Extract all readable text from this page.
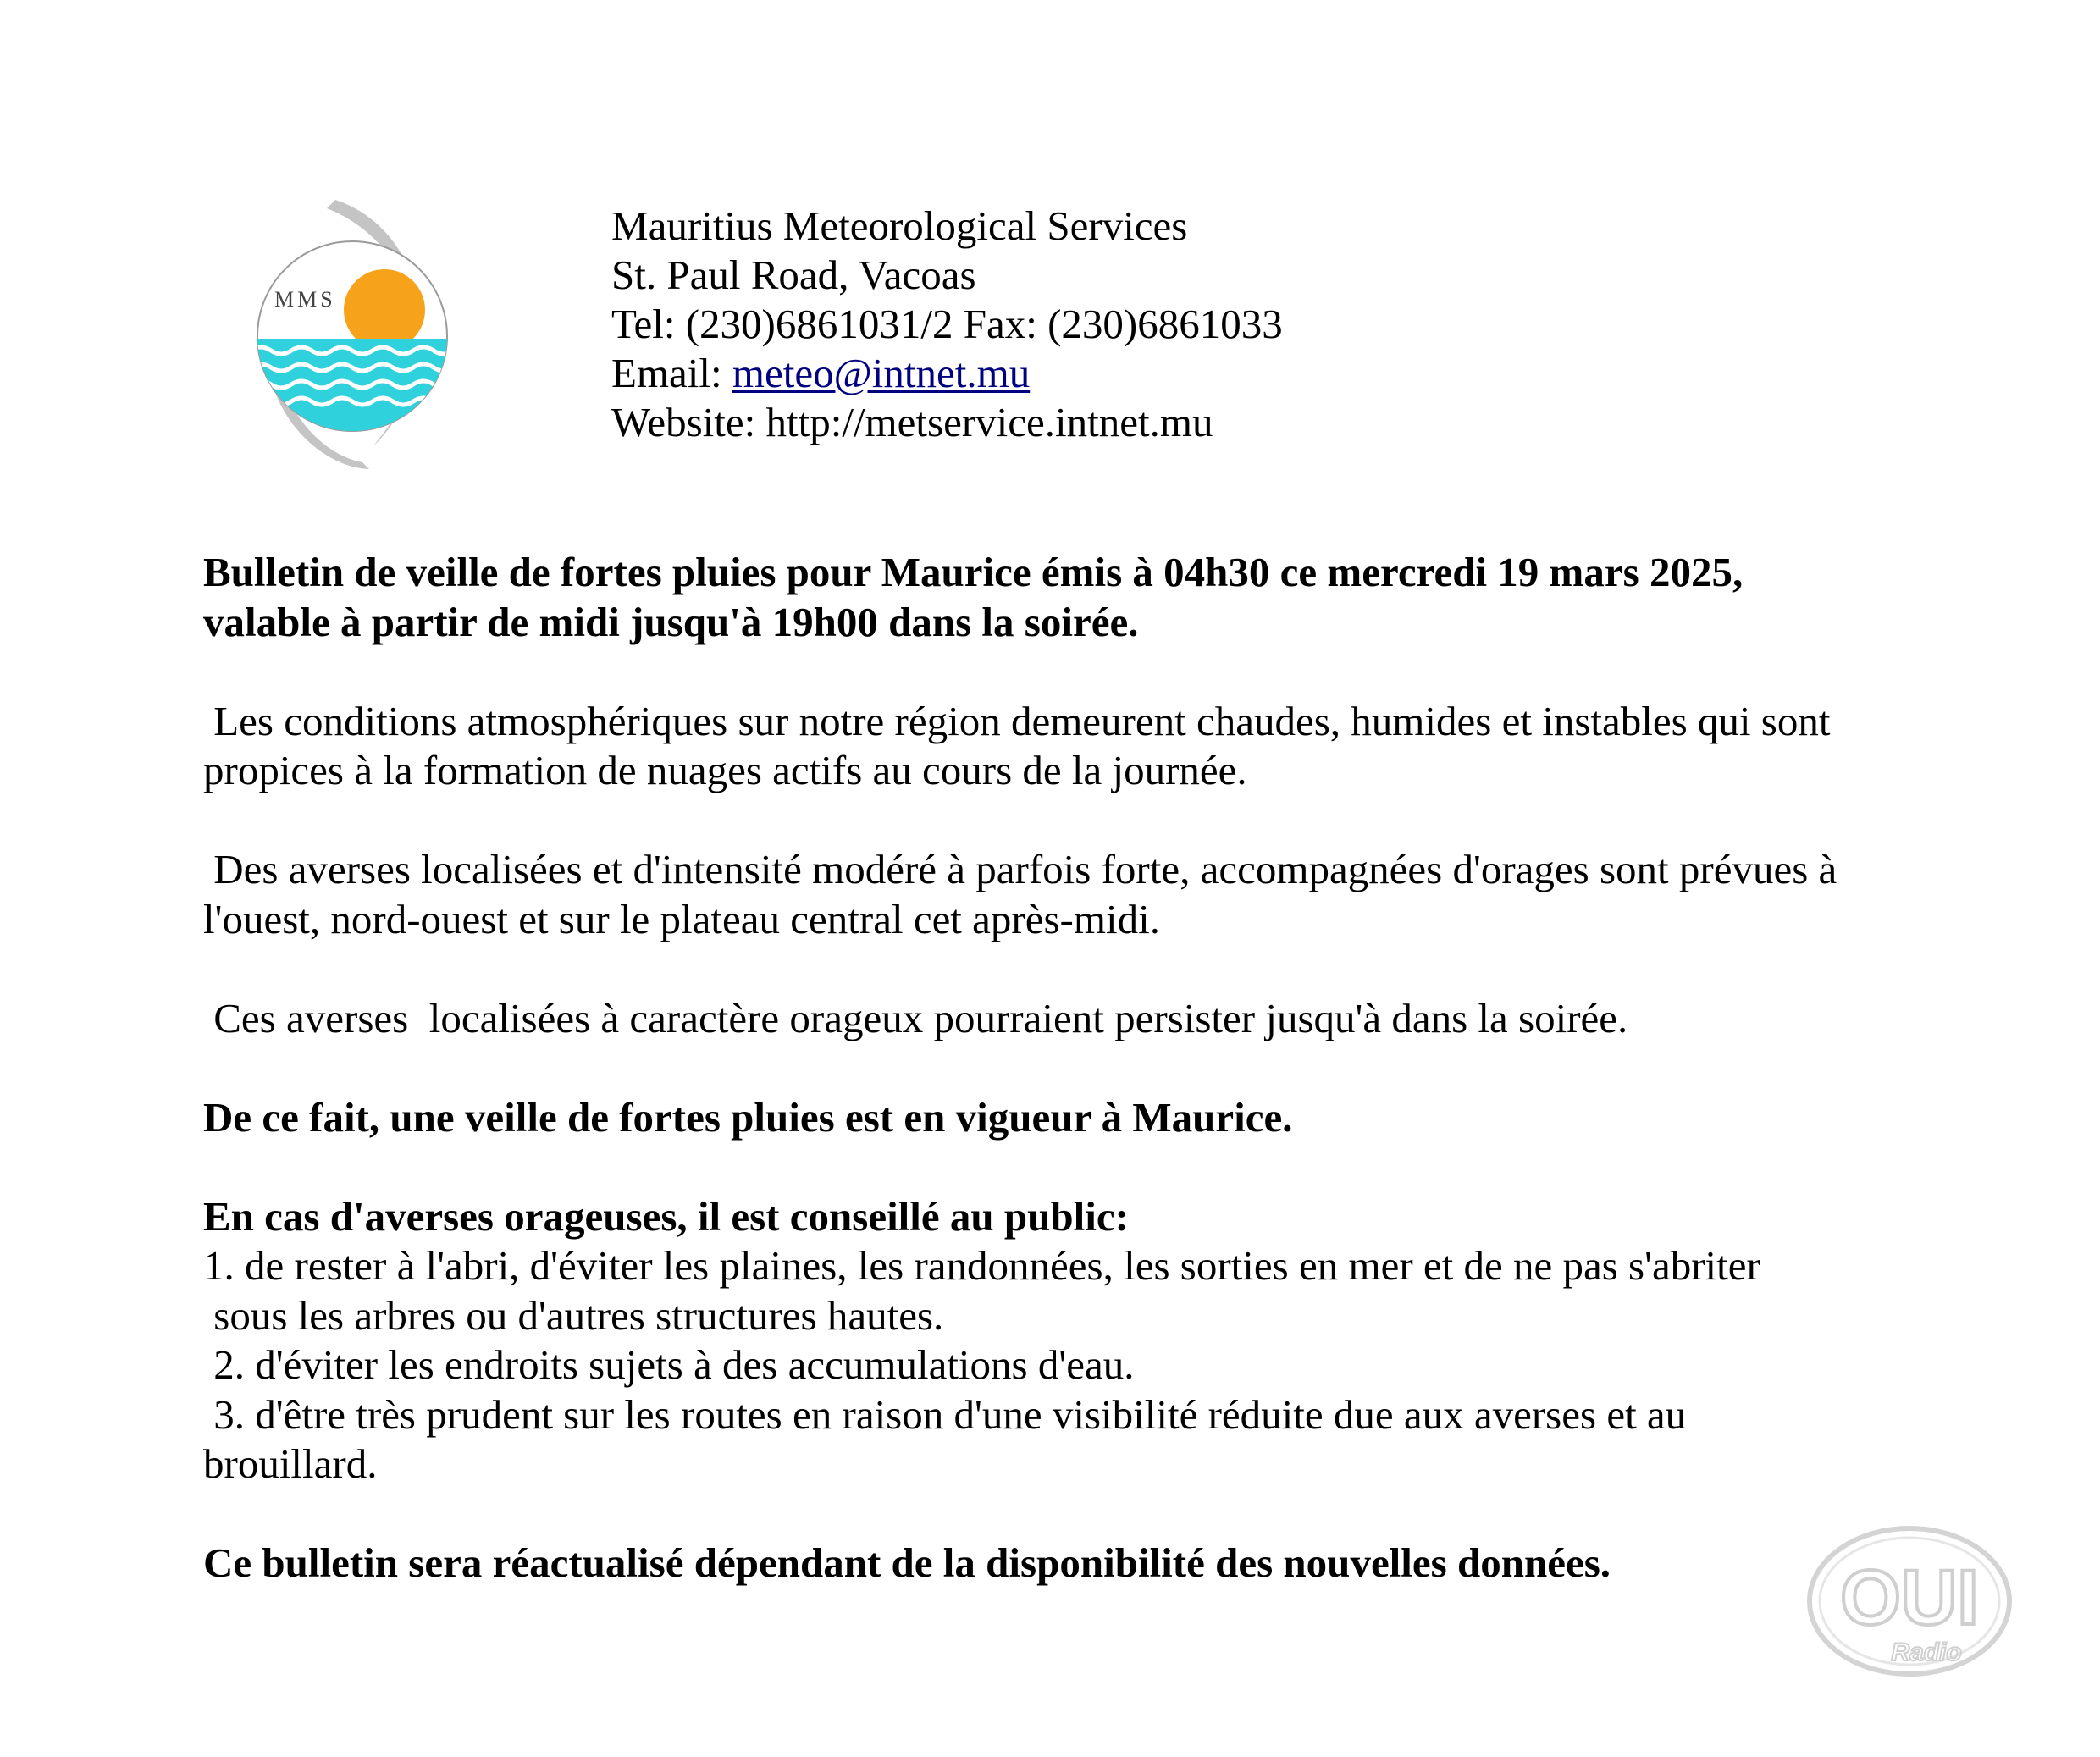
MMS
Mauritius Meteorological Services
St. Paul Road, Vacoas
Tel: (230)6861031/2 Fax: (230)6861033
Email: meteo@intnet.mu
Website: http://metservice.intnet.mu

Bulletin de veille de fortes pluies pour Maurice émis à 04h30 ce mercredi 19 mars 2025,

valable à partir de midi jusqu'à 19h00 dans la soirée.

Les conditions atmosphériques sur notre région demeurent chaudes, humides et instables qui sont

propices à la formation de nuages actifs au cours de la journée.

Des averses localisées et d'intensité modéré à parfois forte, accompagnées d'orages sont prévues à

l'ouest, nord-ouest et sur le plateau central cet après-midi.

Ces averses  localisées à caractère orageux pourraient persister jusqu'à dans la soirée.

De ce fait, une veille de fortes pluies est en vigueur à Maurice.

En cas d'averses orageuses, il est conseillé au public:

1. de rester à l'abri, d'éviter les plaines, les randonnées, les sorties en mer et de ne pas s'abriter

sous les arbres ou d'autres structures hautes.

2. d'éviter les endroits sujets à des accumulations d'eau.

3. d'être très prudent sur les routes en raison d'une visibilité réduite due aux averses et au

brouillard.

Ce bulletin sera réactualisé dépendant de la disponibilité des nouvelles données.	OUI
Radio
